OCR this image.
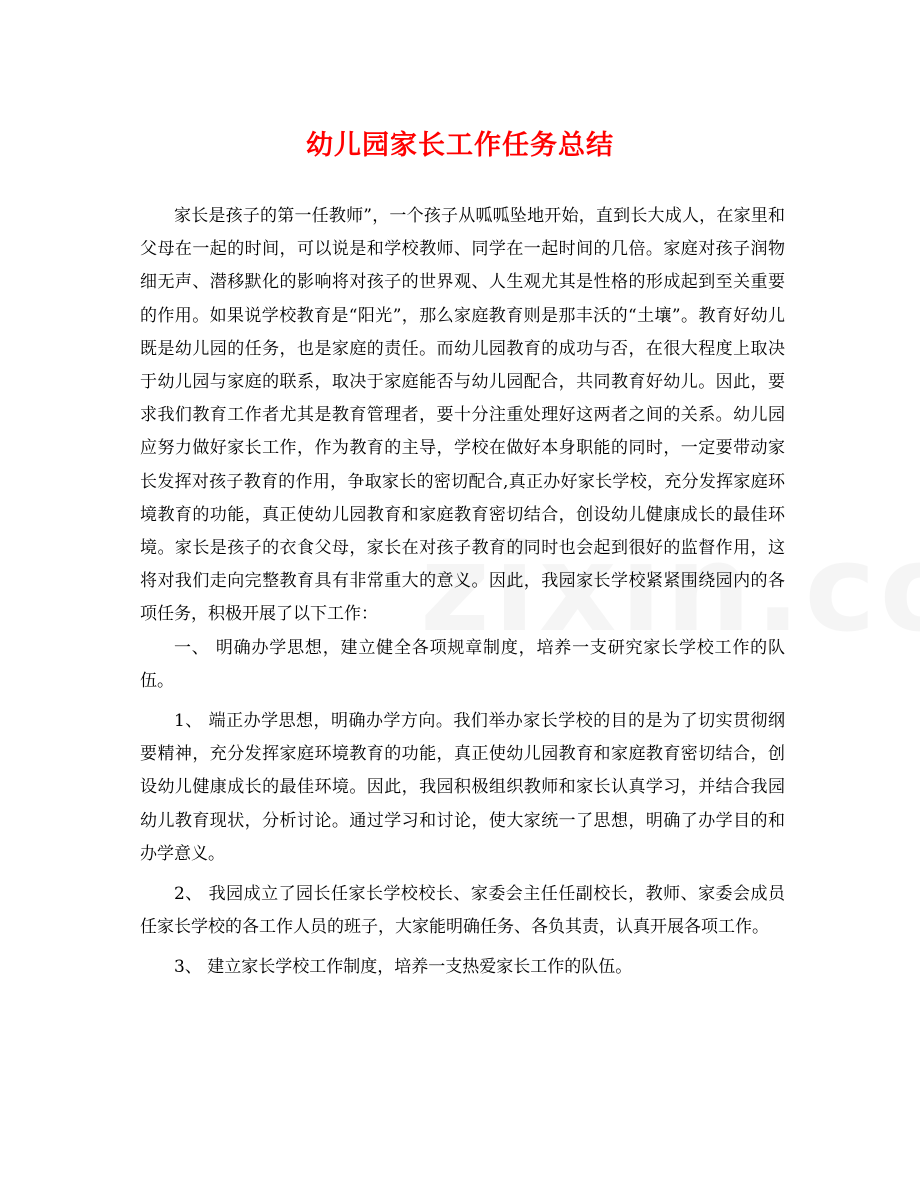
幼儿园家长工作任务总结

家长是孩子的第一任教师”，一个孩子从呱呱坠地开始，直到长大成人，在家里和父母在一起的时间，可以说是和学校教师、同学在一起时间的几倍。家庭对孩子润物细无声、潜移默化的影响将对孩子的世界观、人生观尤其是性格的形成起到至关重要的作用。如果说学校教育是“阳光”，那么家庭教育则是那丰沃的“土壤”。教育好幼儿既是幼儿园的任务，也是家庭的责任。而幼儿园教育的成功与否，在很大程度上取决于幼儿园与家庭的联系，取决于家庭能否与幼儿园配合，共同教育好幼儿。因此，要求我们教育工作者尤其是教育管理者，要十分注重处理好这两者之间的关系。幼儿园应努力做好家长工作，作为教育的主导，学校在做好本身职能的同时，一定要带动家长发挥对孩子教育的作用，争取家长的密切配合,真正办好家长学校，充分发挥家庭环境教育的功能，真正使幼儿园教育和家庭教育密切结合，创设幼儿健康成长的最佳环境。家长是孩子的衣食父母，家长在对孩子教育的同时也会起到很好的监督作用，这将对我们走向完整教育具有非常重大的意义。因此，我园家长学校紧紧围绕园内的各项任务，积极开展了以下工作：

一、 明确办学思想，建立健全各项规章制度，培养一支研究家长学校工作的队伍。

1、 端正办学思想，明确办学方向。我们举办家长学校的目的是为了切实贯彻纲要精神，充分发挥家庭环境教育的功能，真正使幼儿园教育和家庭教育密切结合，创设幼儿健康成长的最佳环境。因此，我园积极组织教师和家长认真学习，并结合我园幼儿教育现状，分析讨论。通过学习和讨论，使大家统一了思想，明确了办学目的和办学意义。

2、 我园成立了园长任家长学校校长、家委会主任任副校长，教师、家委会成员任家长学校的各工作人员的班子，大家能明确任务、各负其责，认真开展各项工作。

3、 建立家长学校工作制度，培养一支热爱家长工作的队伍。
